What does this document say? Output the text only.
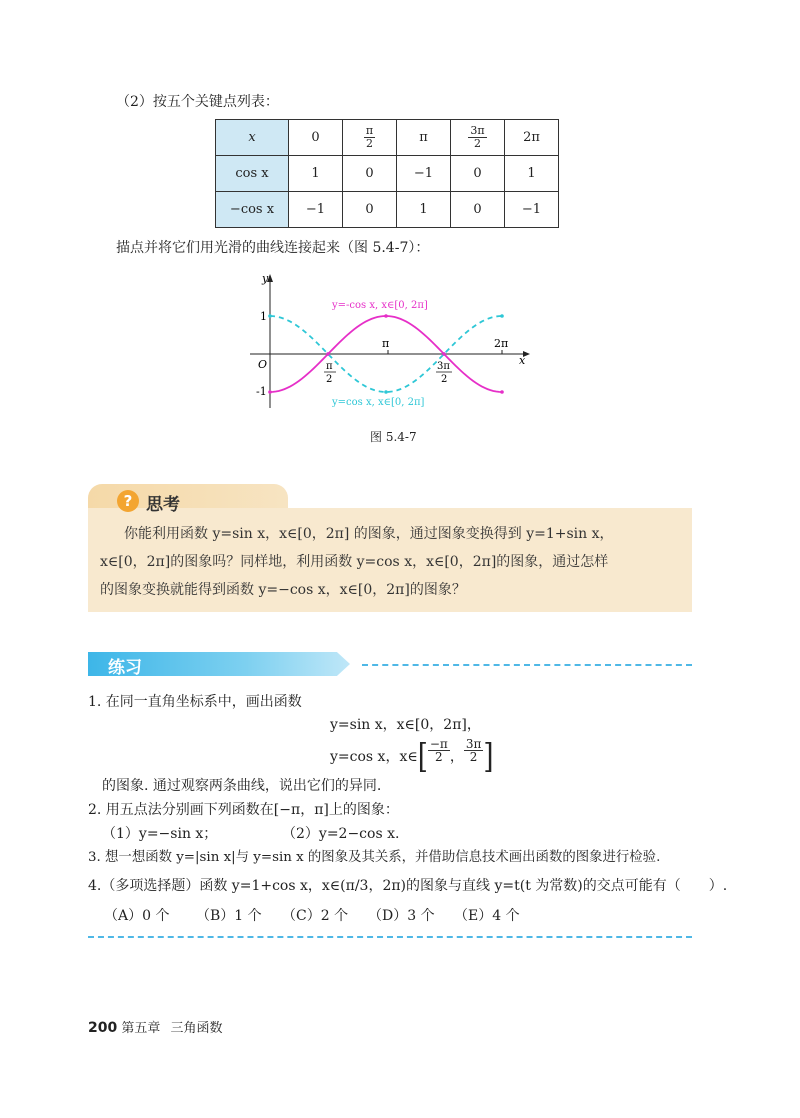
（2）按五个关键点列表：
x	0	$\frac{\pi}{2}$	π	$\frac{3\pi}{2}$	2π
cos x	1	0	−1	0	1
−cos x	−1	0	1	0	−1
描点并将它们用光滑的曲线连接起来（图 5.4-7）：
y
x
O
1
-1
π	2π
π
2
3π
2
y=-cos x, x∈[0, 2π]
y=cos x, x∈[0, 2π]
图 5.4-7
? 思考
你能利用函数 y=sin x，x∈[0，2π] 的图象，通过图象变换得到 y=1+sin x，
x∈[0，2π]的图象吗？同样地，利用函数 y=cos x，x∈[0，2π]的图象，通过怎样
的图象变换就能得到函数 y=−cos x，x∈[0，2π]的图象？
练习
1. 在同一直角坐标系中，画出函数
y=sin x，x∈[0，2π]，
y=cos x，x∈[ $\frac{-\pi}{2}$ ， $\frac{3\pi}{2}$ ]
的图象. 通过观察两条曲线，说出它们的异同.
2. 用五点法分别画下列函数在[−π，π]上的图象：
（1）y=−sin x；	（2）y=2−cos x.
3. 想一想函数 y=|sin x|与 y=sin x 的图象及其关系，并借助信息技术画出函数的图象进行检验.
4.（多项选择题）函数 y=1+cos x，x∈(π/3，2π)的图象与直线 y=t(t 为常数)的交点可能有（　　）.
（A）0 个 （B）1 个 （C）2 个 （D）3 个 （E）4 个
200 第五章 三角函数
